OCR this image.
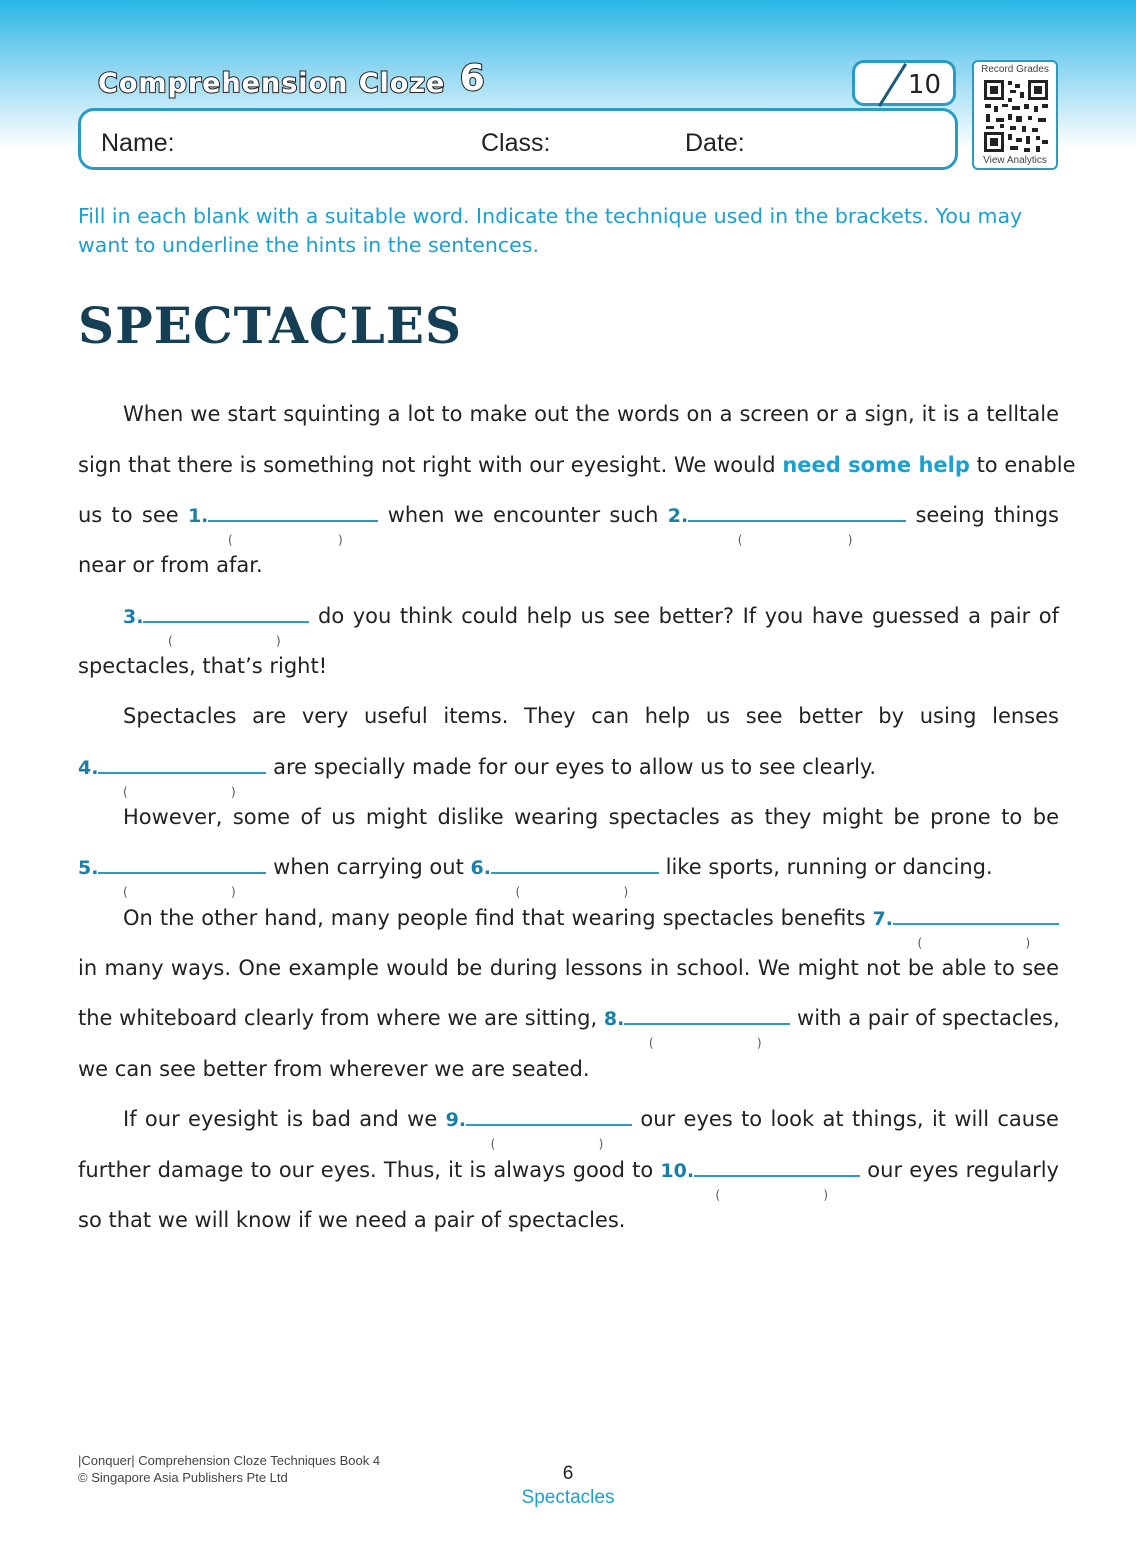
Comprehension Cloze 6	10
Name:	Class:	Date:
Record Grades
View Analytics
Fill in each blank with a suitable word. Indicate the technique used in the brackets. You may want to underline the hints in the sentences.
SPECTACLES
When we start squinting a lot to make out the words on a screen or a sign, it is a telltale
sign that there is something not right with our eyesight. We would need some help to enable
us to see 1.
(	)
when we encounter such 2.
(	)
seeing things
near or from afar.
3.
(	)
do you think could help us see better? If you have guessed a pair of
spectacles, that’s right!
Spectacles are very useful items. They can help us see better by using lenses
4.
(	)
are specially made for our eyes to allow us to see clearly.
However, some of us might dislike wearing spectacles as they might be prone to be
5.
(	)
when carrying out 6.
(	)
like sports, running or dancing.
On the other hand, many people find that wearing spectacles benefits 7.
(	)
in many ways. One example would be during lessons in school. We might not be able to see
the whiteboard clearly from where we are sitting, 8.
(	)
with a pair of spectacles,
we can see better from wherever we are seated.
If our eyesight is bad and we 9.
(	)
our eyes to look at things, it will cause
further damage to our eyes. Thus, it is always good to 10.
(	)
our eyes regularly
so that we will know if we need a pair of spectacles.
|Conquer| Comprehension Cloze Techniques Book 4
© Singapore Asia Publishers Pte Ltd	6
Spectacles
